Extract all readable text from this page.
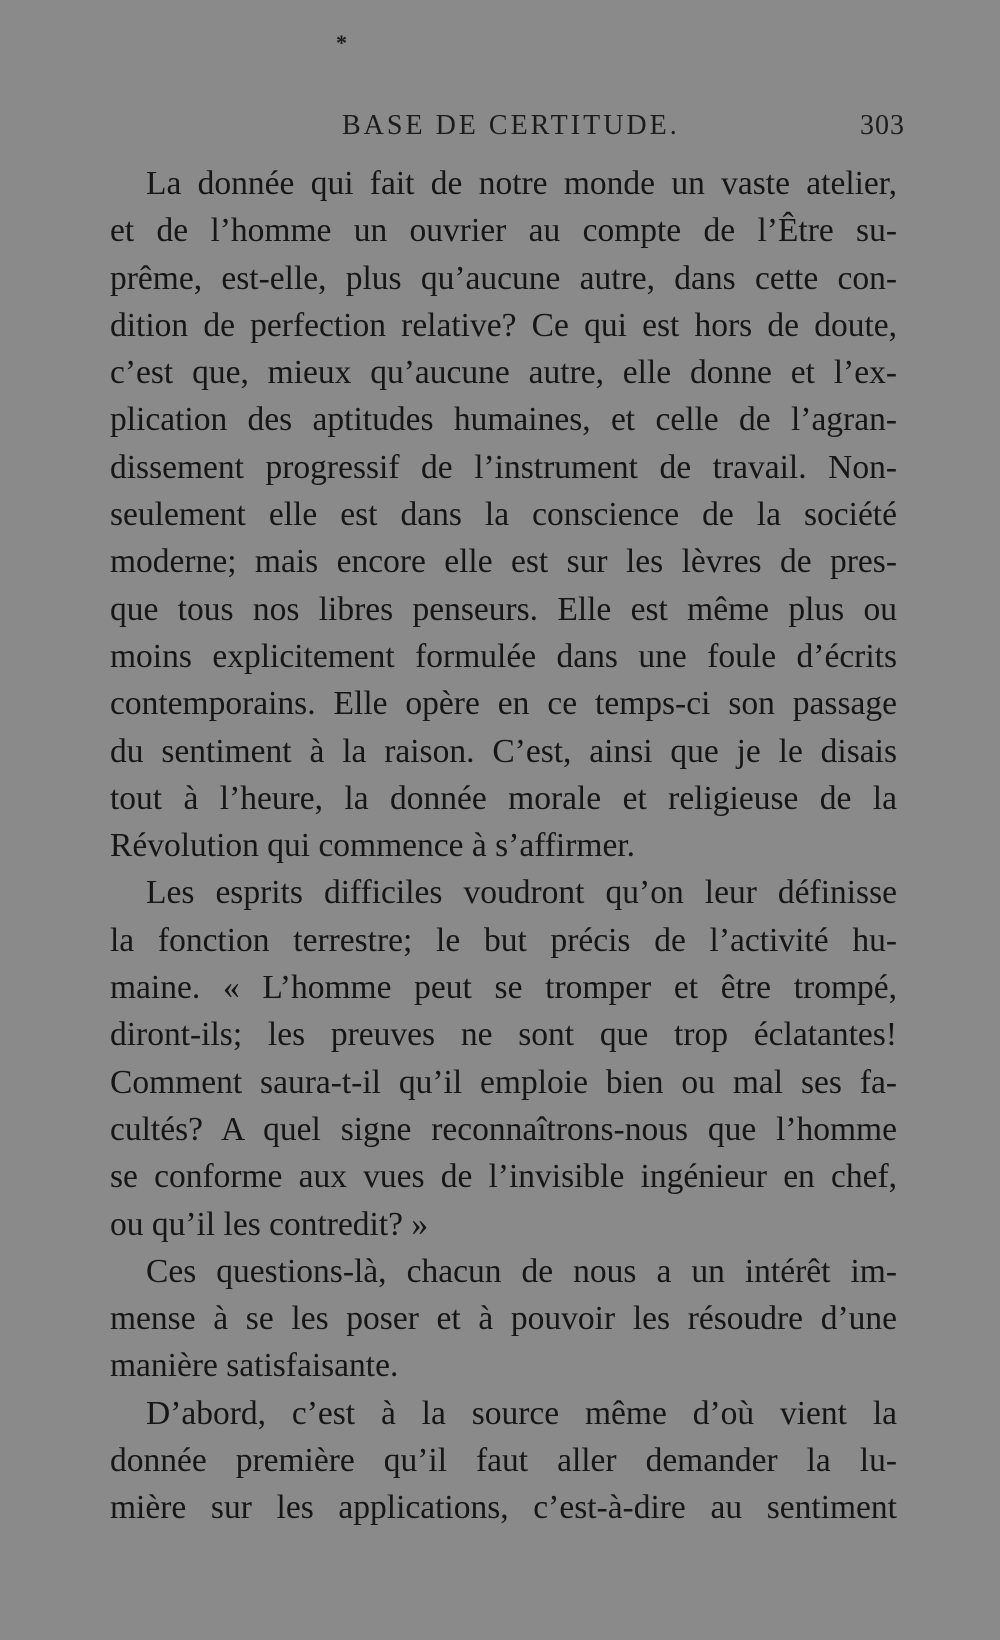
*
BASE DE CERTITUDE.	303
La donnée qui fait de notre monde un vaste atelier,
et de l’homme un ouvrier au compte de l’Être su-
prême, est-elle, plus qu’aucune autre, dans cette con-
dition de perfection relative? Ce qui est hors de doute,
c’est que, mieux qu’aucune autre, elle donne et l’ex-
plication des aptitudes humaines, et celle de l’agran-
dissement progressif de l’instrument de travail. Non-
seulement elle est dans la conscience de la société
moderne; mais encore elle est sur les lèvres de pres-
que tous nos libres penseurs. Elle est même plus ou
moins explicitement formulée dans une foule d’écrits
contemporains. Elle opère en ce temps-ci son passage
du sentiment à la raison. C’est, ainsi que je le disais
tout à l’heure, la donnée morale et religieuse de la
Révolution qui commence à s’affirmer.
Les esprits difficiles voudront qu’on leur définisse
la fonction terrestre; le but précis de l’activité hu-
maine. « L’homme peut se tromper et être trompé,
diront-ils; les preuves ne sont que trop éclatantes!
Comment saura-t-il qu’il emploie bien ou mal ses fa-
cultés? A quel signe reconnaîtrons-nous que l’homme
se conforme aux vues de l’invisible ingénieur en chef,
ou qu’il les contredit? »
Ces questions-là, chacun de nous a un intérêt im-
mense à se les poser et à pouvoir les résoudre d’une
manière satisfaisante.
D’abord, c’est à la source même d’où vient la
donnée première qu’il faut aller demander la lu-
mière sur les applications, c’est-à-dire au sentiment
